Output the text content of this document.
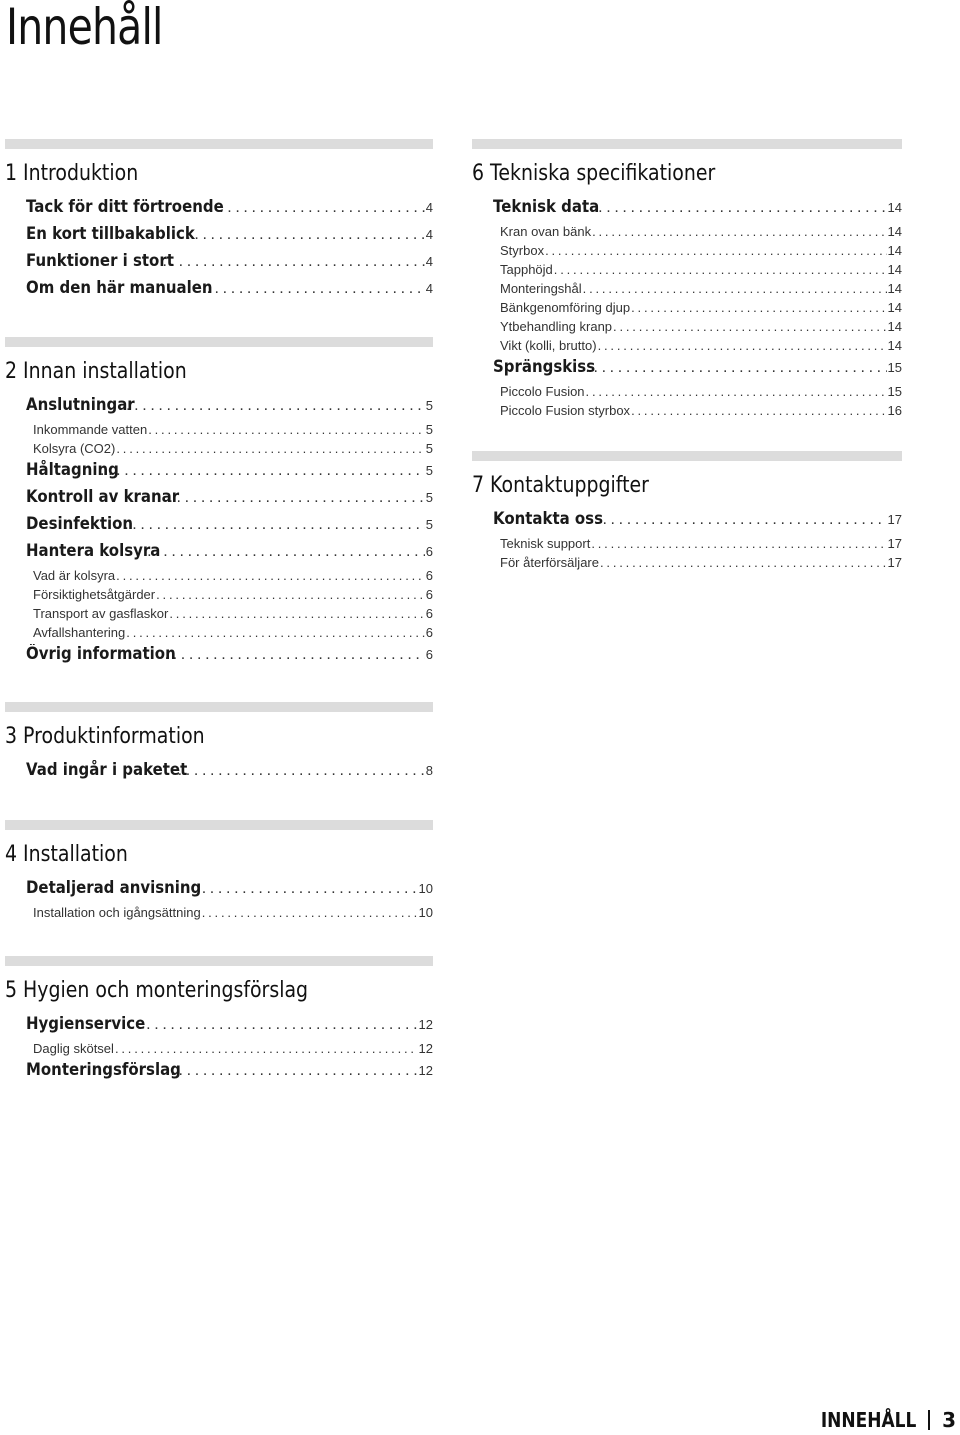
Innehåll
1 Introduktion
Tack för ditt förtroende . . .	4
En kort tillbakablick . . .	4
Funktioner i stort . . .	4
Om den här manualen . . .	4
2 Innan installation
Anslutningar . . .	5
Inkommande vatten . . .	5
Kolsyra (CO2) . . .	5
Håltagning . . .	5
Kontroll av kranar . . .	5
Desinfektion . . .	5
Hantera kolsyra . . .	6
Vad är kolsyra . . .	6
Försiktighetsåtgärder . . .	6
Transport av gasflaskor . . .	6
Avfallshantering . . .	6
Övrig information . . .	6
3 Produktinformation
Vad ingår i paketet . . .	8
4 Installation
Detaljerad anvisning . . .	10
Installation och igångsättning . . .	10
5 Hygien och monteringsförslag
Hygienservice . . .	12
Daglig skötsel . . .	12
Monteringsförslag . . .	12
6 Tekniska specifikationer
Teknisk data . . .	14
Kran ovan bänk . . .	14
Styrbox . . .	14
Tapphöjd . . .	14
Monteringshål . . .	14
Bänkgenomföring djup . . .	14
Ytbehandling kranp . . .	14
Vikt (kolli, brutto) . . .	14
Sprängskiss . . .	15
Piccolo Fusion . . .	15
Piccolo Fusion styrbox . . .	16
7 Kontaktuppgifter
Kontakta oss . . .	17
Teknisk support . . .	17
För återförsäljare . . .	17
INNEHÅLL 3
